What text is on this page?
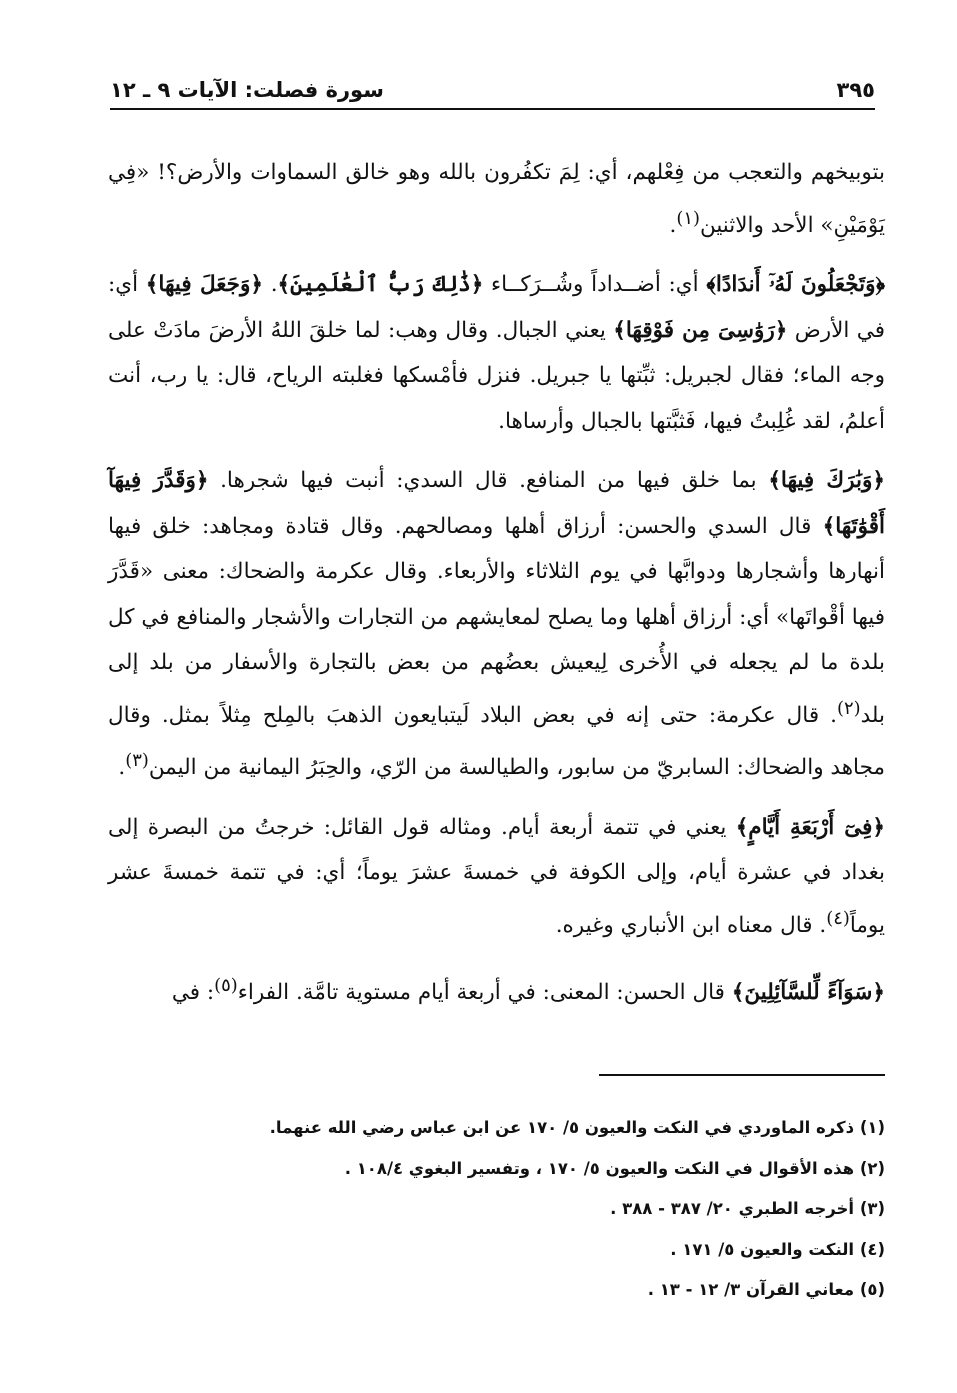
٣٩٥
سورة فصلت: الآيات ٩ ـ ١٢

بتوبيخهم والتعجب من فِعْلهم، أي: لِمَ تكفُرون بالله وهو خالق السماوات والأرض؟! «فِي يَوْمَيْنِ» الأحد والاثنين$^{(١)}$.

﴿وَتَجْعَلُونَ لَهُۥٓ أَندَادًا﴾ أي: أضــداداً وشُــرَكــاء ﴿ذَٰلِكَ رَبُّ ٱلْعَٰلَمِينَ﴾. ﴿وَجَعَلَ فِيهَا﴾ أي: في الأرض ﴿رَوَٰسِىَ مِن فَوْقِهَا﴾ يعني الجبال. وقال وهب: لما خلقَ اللهُ الأرضَ مادَتْ على وجه الماء؛ فقال لجبريل: ثبِّتها يا جبريل. فنزل فأمْسكها فغلبته الرياح، قال: يا رب، أنت أعلمُ، لقد غُلِبتُ فيها، فَثبَّتها بالجبال وأرساها.

﴿وَبَٰرَكَ فِيهَا﴾ بما خلق فيها من المنافع. قال السدي: أنبت فيها شجرها. ﴿وَقَدَّرَ فِيهَآ أَقْوَٰتَهَا﴾ قال السدي والحسن: أرزاق أهلها ومصالحهم. وقال قتادة ومجاهد: خلق فيها أنهارها وأشجارها ودوابَّها في يوم الثلاثاء والأربعاء. وقال عكرمة والضحاك: معنى «قَدَّرَ فيها أقْواتَها» أي: أرزاق أهلها وما يصلح لمعايشهم من التجارات والأشجار والمنافع في كل بلدة ما لم يجعله في الأُخرى لِيعيش بعضُهم من بعض بالتجارة والأسفار من بلد إلى بلد$^{(٢)}$. قال عكرمة: حتى إنه في بعض البلاد لَيتبايعون الذهبَ بالمِلح مِثلاً بمثل. وقال مجاهد والضحاك: السابريّ من سابور، والطيالسة من الرّي، والحِبَرُ اليمانية من اليمن$^{(٣)}$.

﴿فِىٓ أَرْبَعَةِ أَيَّامٍ﴾ يعني في تتمة أربعة أيام. ومثاله قول القائل: خرجتُ من البصرة إلى بغداد في عشرة أيام، وإلى الكوفة في خمسةَ عشرَ يوماً؛ أي: في تتمة خمسةَ عشر يوماً$^{(٤)}$. قال معناه ابن الأنباري وغيره.

﴿سَوَآءً لِّلسَّآئِلِينَ﴾ قال الحسن: المعنى: في أربعة أيام مستوية تامَّة. الفراء$^{(٥)}$: في

(١) ذكره الماوردي في النكت والعيون ٥/ ١٧٠ عن ابن عباس رضي الله عنهما.
(٢) هذه الأقوال في النكت والعيون ٥/ ١٧٠ ، وتفسير البغوي ١٠٨/٤ .
(٣) أخرجه الطبري ٢٠/ ٣٨٧ - ٣٨٨ .
(٤) النكت والعيون ٥/ ١٧١ .
(٥) معاني القرآن ٣/ ١٢ - ١٣ .
